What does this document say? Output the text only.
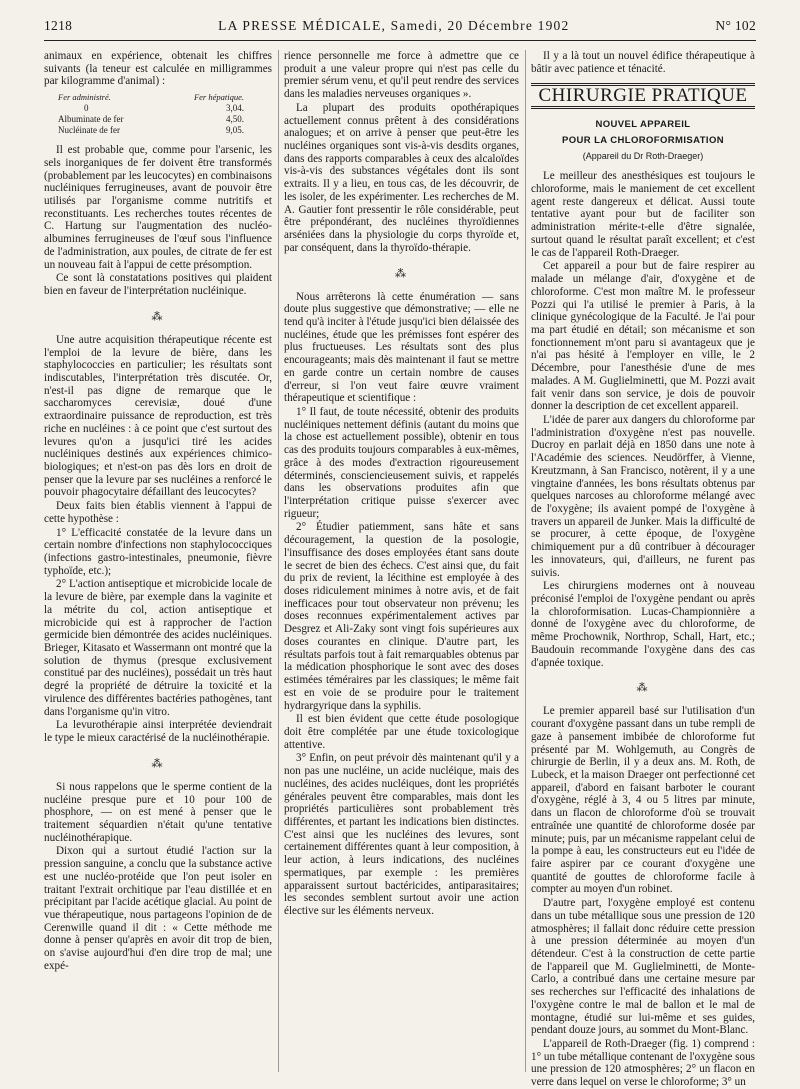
1218	LA PRESSE MÉDICALE, Samedi, 20 Décembre 1902	N° 102

animaux en expérience, obtenait les chiffres suivants (la teneur est calculée en milligrammes par kilogramme d'animal) :

Fer administré.	Fer hépatique.
0	3,04.
Albuminate de fer	4,50.
Nucléinate de fer	9,05.

Il est probable que, comme pour l'arsenic, les sels inorganiques de fer doivent être transformés (probablement par les leucocytes) en combinaisons nucléiniques ferrugineuses, avant de pouvoir être utilisés par l'organisme comme nutritifs et reconstituants. Les recherches toutes récentes de C. Hartung sur l'augmentation des nucléo-albumines ferrugineuses de l'œuf sous l'influence de l'administration, aux poules, de citrate de fer est un nouveau fait à l'appui de cette présomption.

Ce sont là constatations positives qui plaident bien en faveur de l'interprétation nucléinique.

⁂

Une autre acquisition thérapeutique récente est l'emploi de la levure de bière, dans les staphylococcies en particulier; les résultats sont indiscutables, l'interprétation très discutée. Or, n'est-il pas digne de remarque que le saccharomyces cerevisiæ, doué d'une extraordinaire puissance de reproduction, est très riche en nucléines : à ce point que c'est surtout des levures qu'on a jusqu'ici tiré les acides nucléiniques destinés aux expériences chimico-biologiques; et n'est-on pas dès lors en droit de penser que la levure par ses nucléines a renforcé le pouvoir phagocytaire défaillant des leucocytes?

Deux faits bien établis viennent à l'appui de cette hypothèse :

1° L'efficacité constatée de la levure dans un certain nombre d'infections non staphylococciques (infections gastro-intestinales, pneumonie, fièvre typhoïde, etc.);

2° L'action antiseptique et microbicide locale de la levure de bière, par exemple dans la vaginite et la métrite du col, action antiseptique et microbicide qui est à rapprocher de l'action germicide bien démontrée des acides nucléiniques. Brieger, Kitasato et Wassermann ont montré que la solution de thymus (presque exclusivement constitué par des nucléines), possédait un très haut degré la propriété de détruire la toxicité et la virulence des différentes bactéries pathogènes, tant dans l'organisme qu'in vitro.

La levurothérapie ainsi interprétée deviendrait le type le mieux caractérisé de la nucléinothérapie.

⁂

Si nous rappelons que le sperme contient de la nucléine presque pure et 10 pour 100 de phosphore, — on est mené à penser que le traitement séquardien n'était qu'une tentative nucléinothérapique.

Dixon qui a surtout étudié l'action sur la pression sanguine, a conclu que la substance active est une nucléo-protéide que l'on peut isoler en traitant l'extrait orchitique par l'eau distillée et en précipitant par l'acide acétique glacial. Au point de vue thérapeutique, nous partageons l'opinion de de Cerenwille quand il dit : « Cette méthode me donne à penser qu'après en avoir dit trop de bien, on s'avise aujourd'hui d'en dire trop de mal; une expé-

rience personnelle me force à admettre que ce produit a une valeur propre qui n'est pas celle du premier sérum venu, et qu'il peut rendre des services dans les maladies nerveuses organiques ».

La plupart des produits opothérapiques actuellement connus prêtent à des considérations analogues; et on arrive à penser que peut-être les nucléines organiques sont vis-à-vis desdits organes, dans des rapports comparables à ceux des alcaloïdes vis-à-vis des substances végétales dont ils sont extraits. Il y a lieu, en tous cas, de les découvrir, de les isoler, de les expérimenter. Les recherches de M. A. Gautier font pressentir le rôle considérable, peut être prépondérant, des nucléines thyroïdiennes arséniées dans la physiologie du corps thyroïde et, par conséquent, dans la thyroïdo-thérapie.

⁂

Nous arrêterons là cette énumération — sans doute plus suggestive que démonstrative; — elle ne tend qu'à inciter à l'étude jusqu'ici bien délaissée des nucléines, étude que les prémisses font espérer des plus fructueuses. Les résultats sont des plus encourageants; mais dès maintenant il faut se mettre en garde contre un certain nombre de causes d'erreur, si l'on veut faire œuvre vraiment thérapeutique et scientifique :

1° Il faut, de toute nécessité, obtenir des produits nucléiniques nettement définis (autant du moins que la chose est actuellement possible), obtenir en tous cas des produits toujours comparables à eux-mêmes, grâce à des modes d'extraction rigoureusement déterminés, consciencieusement suivis, et rappelés dans les observations produites afin que l'interprétation critique puisse s'exercer avec rigueur;

2° Étudier patiemment, sans hâte et sans découragement, la question de la posologie, l'insuffisance des doses employées étant sans doute le secret de bien des échecs. C'est ainsi que, du fait du prix de revient, la lécithine est employée à des doses ridiculement minimes à notre avis, et de fait inefficaces pour tout observateur non prévenu; les doses reconnues expérimentalement actives par Desgrez et Ali-Zaky sont vingt fois supérieures aux doses courantes en clinique. D'autre part, les résultats parfois tout à fait remarquables obtenus par la médication phosphorique le sont avec des doses estimées téméraires par les classiques; le même fait est en voie de se produire pour le traitement hydrargyrique dans la syphilis.

Il est bien évident que cette étude posologique doit être complétée par une étude toxicologique attentive.

3° Enfin, on peut prévoir dès maintenant qu'il y a non pas une nucléine, un acide nucléique, mais des nucléines, des acides nucléiques, dont les propriétés générales peuvent être comparables, mais dont les propriétés particulières sont probablement très différentes, et partant les indications bien distinctes. C'est ainsi que les nucléines des levures, sont certainement différentes quant à leur composition, à leur action, à leurs indications, des nucléines spermatiques, par exemple : les premières apparaissent surtout bactéricides, antiparasitaires; les secondes semblent surtout avoir une action élective sur les éléments nerveux.

Il y a là tout un nouvel édifice thérapeutique à bâtir avec patience et ténacité.

CHIRURGIE PRATIQUE
NOUVEL APPAREIL
POUR LA CHLOROFORMISATION
(Appareil du Dr Roth-Draeger)

Le meilleur des anesthésiques est toujours le chloroforme, mais le maniement de cet excellent agent reste dangereux et délicat. Aussi toute tentative ayant pour but de faciliter son administration mérite-t-elle d'être signalée, surtout quand le résultat paraît excellent; et c'est le cas de l'appareil Roth-Draeger.

Cet appareil a pour but de faire respirer au malade un mélange d'air, d'oxygène et de chloroforme. C'est mon maître M. le professeur Pozzi qui l'a utilisé le premier à Paris, à la clinique gynécologique de la Faculté. Je l'ai pour ma part étudié en détail; son mécanisme et son fonctionnement m'ont paru si avantageux que je n'ai pas hésité à l'employer en ville, le 2 Décembre, pour l'anesthésie d'une de mes malades. A M. Guglielminetti, que M. Pozzi avait fait venir dans son service, je dois de pouvoir donner la description de cet excellent appareil.

L'idée de parer aux dangers du chloroforme par l'administration d'oxygène n'est pas nouvelle. Ducroy en parlait déjà en 1850 dans une note à l'Académie des sciences. Neudörffer, à Vienne, Kreutzmann, à San Francisco, notèrent, il y a une vingtaine d'années, les bons résultats obtenus par quelques narcoses au chloroforme mélangé avec de l'oxygène; ils avaient pompé de l'oxygène à travers un appareil de Junker. Mais la difficulté de se procurer, à cette époque, de l'oxygène chimiquement pur a dû contribuer à décourager les innovateurs, qui, d'ailleurs, ne furent pas suivis.

Les chirurgiens modernes ont à nouveau préconisé l'emploi de l'oxygène pendant ou après la chloroformisation. Lucas-Championnière a donné de l'oxygène avec du chloroforme, de même Prochownik, Northrop, Schall, Hart, etc.; Baudouin recommande l'oxygène dans des cas d'apnée toxique.

⁂

Le premier appareil basé sur l'utilisation d'un courant d'oxygène passant dans un tube rempli de gaze à pansement imbibée de chloroforme fut présenté par M. Wohlgemuth, au Congrès de chirurgie de Berlin, il y a deux ans. M. Roth, de Lubeck, et la maison Draeger ont perfectionné cet appareil, d'abord en faisant barboter le courant d'oxygène, réglé à 3, 4 ou 5 litres par minute, dans un flacon de chloroforme d'où se trouvait entraînée une quantité de chloroforme dosée par minute; puis, par un mécanisme rappelant celui de la pompe à eau, les constructeurs eut eu l'idée de faire aspirer par ce courant d'oxygène une quantité de gouttes de chloroforme facile à compter au moyen d'un robinet.

D'autre part, l'oxygène employé est contenu dans un tube métallique sous une pression de 120 atmosphères; il fallait donc réduire cette pression à une pression déterminée au moyen d'un détendeur. C'est à la construction de cette partie de l'appareil que M. Guglielminetti, de Monte-Carlo, a contribué dans une certaine mesure par ses recherches sur l'efficacité des inhalations de l'oxygène contre le mal de ballon et le mal de montagne, étudié sur lui-même et ses guides, pendant douze jours, au sommet du Mont-Blanc.

L'appareil de Roth-Draeger (fig. 1) comprend : 1° un tube métallique contenant de l'oxygène sous une pression de 120 atmosphères; 2° un flacon en verre dans lequel on verse le chloroforme; 3° un
